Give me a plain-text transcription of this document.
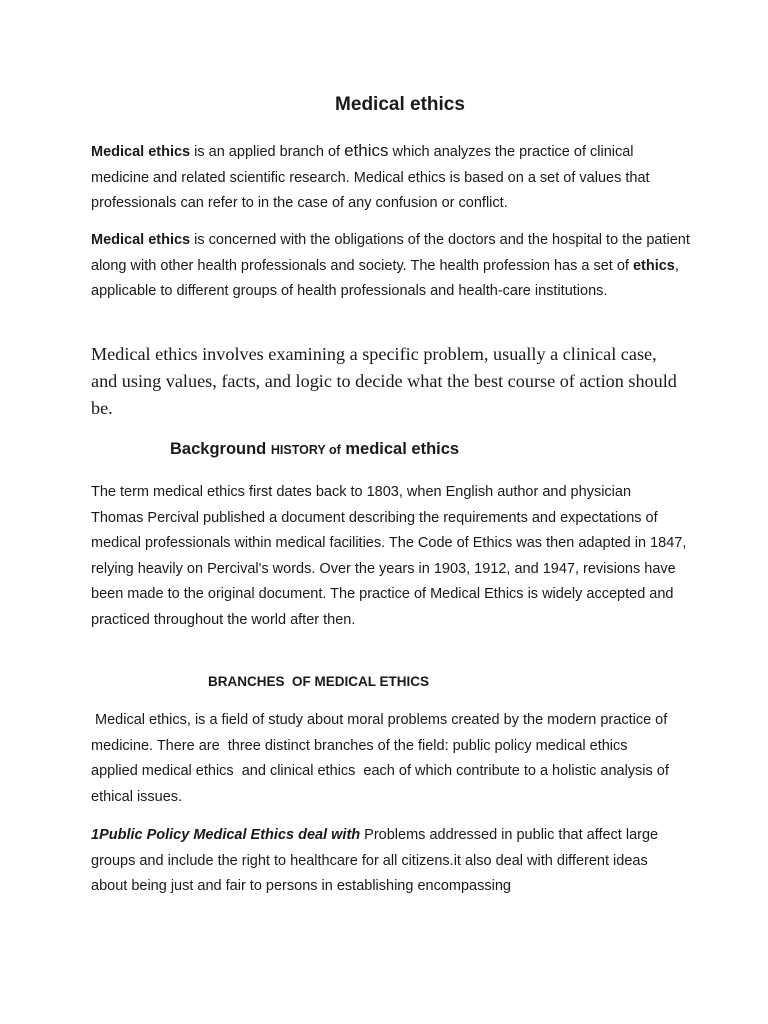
Medical ethics

Medical ethics is an applied branch of ethics which analyzes the practice of clinical medicine and related scientific research. Medical ethics is based on a set of values that professionals can refer to in the case of any confusion or conflict.

Medical ethics is concerned with the obligations of the doctors and the hospital to the patient along with other health professionals and society. The health profession has a set of ethics, applicable to different groups of health professionals and health-care institutions.

Medical ethics involves examining a specific problem, usually a clinical case, and using values, facts, and logic to decide what the best course of action should be.

Background HISTORY of medical ethics

The term medical ethics first dates back to 1803, when English author and physician Thomas Percival published a document describing the requirements and expectations of medical professionals within medical facilities. The Code of Ethics was then adapted in 1847, relying heavily on Percival's words. Over the years in 1903, 1912, and 1947, revisions have been made to the original document. The practice of Medical Ethics is widely accepted and practiced throughout the world after then.

BRANCHES  OF MEDICAL ETHICS

Medical ethics, is a field of study about moral problems created by the modern practice of medicine. There are  three distinct branches of the field: public policy medical ethics  applied medical ethics  and clinical ethics  each of which contribute to a holistic analysis of ethical issues.

1Public Policy Medical Ethics deal with Problems addressed in public that affect large groups and include the right to healthcare for all citizens.it also deal with different ideas about being just and fair to persons in establishing encompassing
